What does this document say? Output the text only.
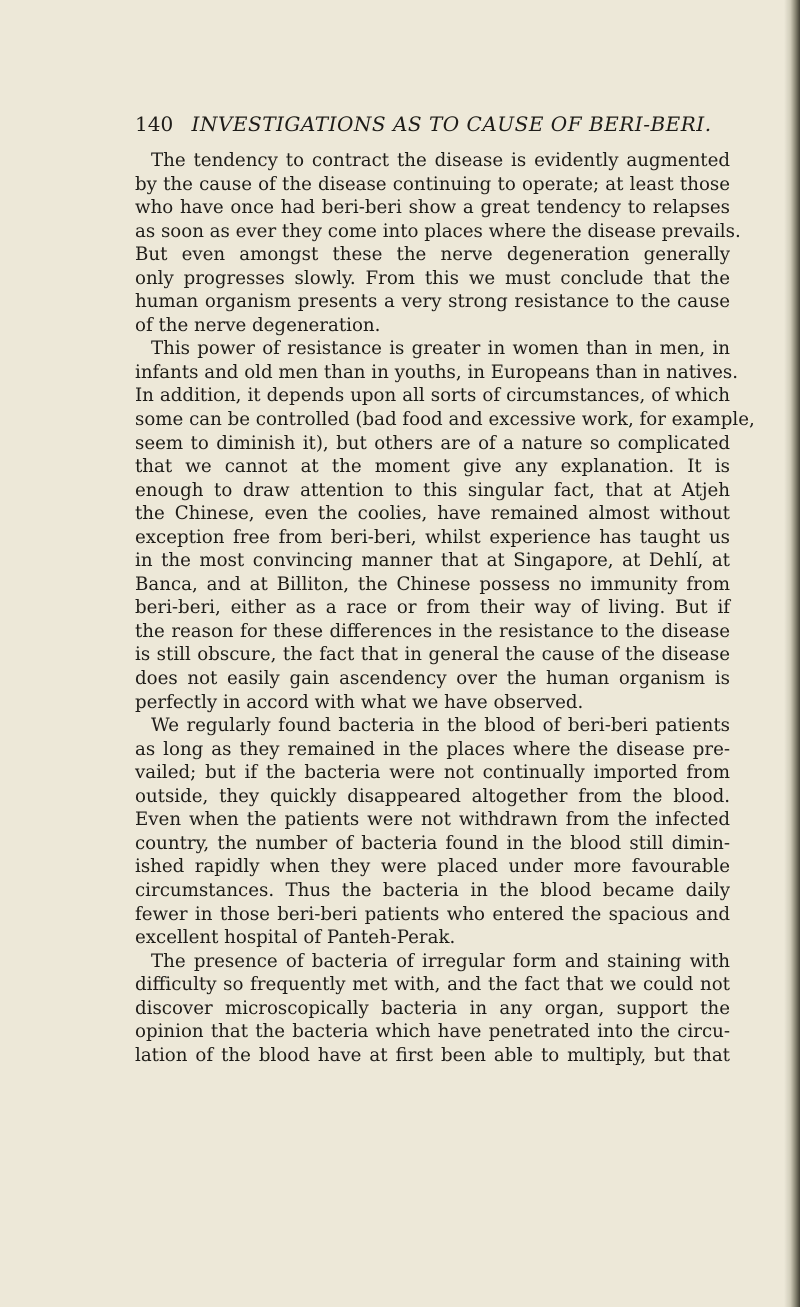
140 INVESTIGATIONS AS TO CAUSE OF BERI-BERI.
The tendency to contract the disease is evidently augmented
by the cause of the disease continuing to operate; at least those
who have once had beri-beri show a great tendency to relapses
as soon as ever they come into places where the disease prevails.
But even amongst these the nerve degeneration generally
only progresses slowly. From this we must conclude that the
human organism presents a very strong resistance to the cause
of the nerve degeneration.
This power of resistance is greater in women than in men, in
infants and old men than in youths, in Europeans than in natives.
In addition, it depends upon all sorts of circumstances, of which
some can be controlled (bad food and excessive work, for example,
seem to diminish it), but others are of a nature so complicated
that we cannot at the moment give any explanation. It is
enough to draw attention to this singular fact, that at Atjeh
the Chinese, even the coolies, have remained almost without
exception free from beri-beri, whilst experience has taught us
in the most convincing manner that at Singapore, at Dehlí, at
Banca, and at Billiton, the Chinese possess no immunity from
beri-beri, either as a race or from their way of living. But if
the reason for these differences in the resistance to the disease
is still obscure, the fact that in general the cause of the disease
does not easily gain ascendency over the human organism is
perfectly in accord with what we have observed.
We regularly found bacteria in the blood of beri-beri patients
as long as they remained in the places where the disease pre-
vailed; but if the bacteria were not continually imported from
outside, they quickly disappeared altogether from the blood.
Even when the patients were not withdrawn from the infected
country, the number of bacteria found in the blood still dimin-
ished rapidly when they were placed under more favourable
circumstances. Thus the bacteria in the blood became daily
fewer in those beri-beri patients who entered the spacious and
excellent hospital of Panteh-Perak.
The presence of bacteria of irregular form and staining with
difficulty so frequently met with, and the fact that we could not
discover microscopically bacteria in any organ, support the
opinion that the bacteria which have penetrated into the circu-
lation of the blood have at first been able to multiply, but that
